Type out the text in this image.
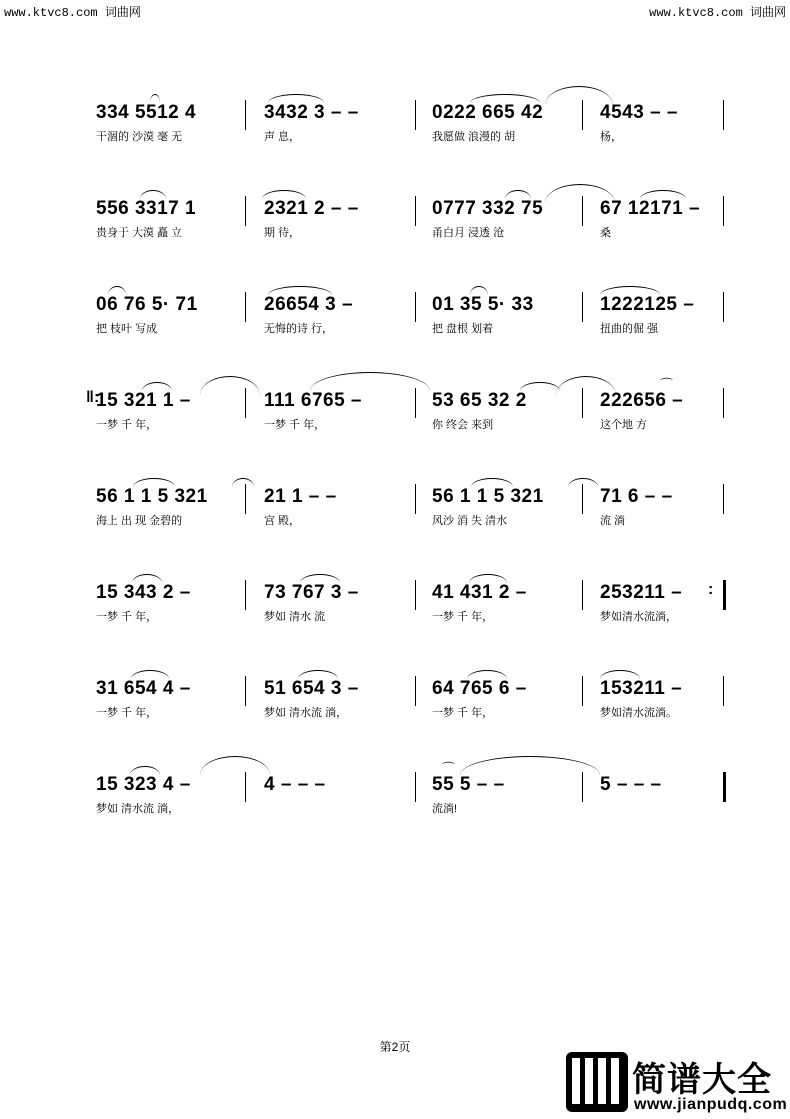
www.ktvc8.com 词曲网	www.ktvc8.com 词曲网
334 5512 4
干涸的 沙漠 毫 无
3432 3 – –
声 息，
0222 665 42
我愿做 浪漫的 胡
4543 – –
杨，
556 3317 1
贵身于 大漠 矗 立
2321 2 – –
期 待，
0777 332 75
甬白月 浸透 沧
67 12171 –
桑
06 76 5· 71
把 枝叶 写成
26654 3 –
无悔的诗 行，
01 35 5· 33
把 盘根 划着
1222125 –
扭曲的倔 强
15 321 1 –
一梦 千 年，
111 6765 –
一梦 千 年，
53 65 32 2
你 终会 来到
222656 –
这个地 方
‖:
⌒
56 1 1 5 321
海上 出 现 金碧的
21 1 – –
宫 殿，
56 1 1 5 321
风沙 消 失 清水
71 6 – –
流 淌
15 343 2 –
一梦 千 年，
73 767 3 –
梦如 清水 流
41 431 2 –
一梦 千 年，
253211 –
梦如清水流淌，
:
31 654 4 –
一梦 千 年，
51 654 3 –
梦如 清水流 淌，
64 765 6 –
一梦 千 年，
153211 –
梦如清水流淌。
15 323 4 –
梦如 清水流 淌，
4 – – –	55 5 – –
流淌!
5 – – –
⌒
第2页
简谱大全
www.jianpudq.com
